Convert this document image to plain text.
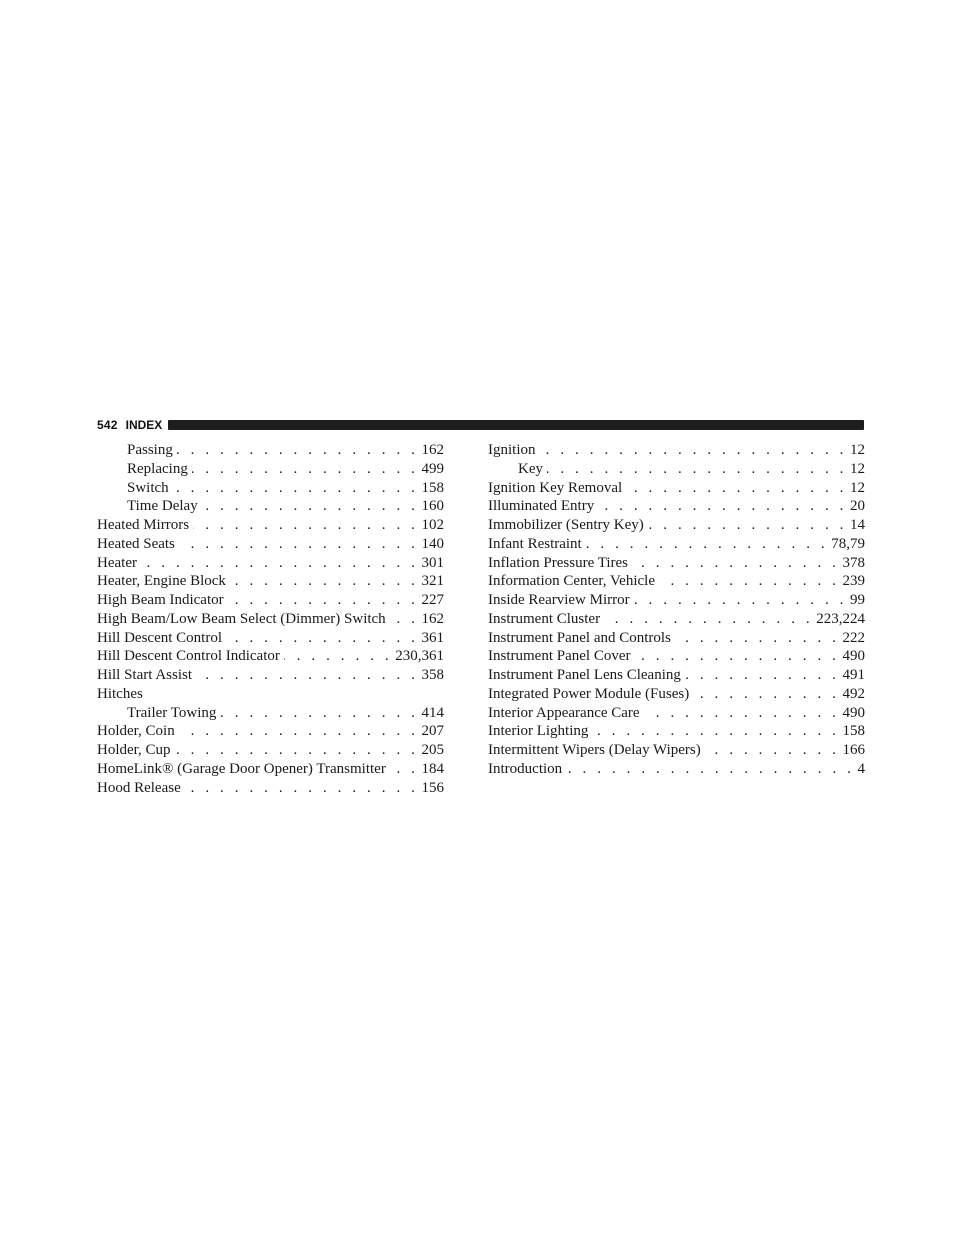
542 INDEX
Passing . . .	162
Replacing . . .	499
Switch . . .	158
Time Delay . . .	160
Heated Mirrors . . .	102
Heated Seats . . .	140
Heater . . .	301
Heater, Engine Block . . .	321
High Beam Indicator . . .	227
High Beam/Low Beam Select (Dimmer) Switch . . . 162
Hill Descent Control . . .	361
Hill Descent Control Indicator . . .	230,361
Hill Start Assist . . .	358
Hitches
Trailer Towing . . .	414
Holder, Coin . . .	207
Holder, Cup . . .	205
HomeLink® (Garage Door Opener) Transmitter . . . 184
Hood Release . . .	156
Ignition . . .	12
Key . . .	12
Ignition Key Removal . . .	12
Illuminated Entry . . .	20
Immobilizer (Sentry Key) . . .	14
Infant Restraint . . .	78,79
Inflation Pressure Tires . . .	378
Information Center, Vehicle . . .	239
Inside Rearview Mirror . . .	99
Instrument Cluster . . .	223,224
Instrument Panel and Controls . . .	222
Instrument Panel Cover . . .	490
Instrument Panel Lens Cleaning . . .	491
Integrated Power Module (Fuses) . . .	492
Interior Appearance Care . . .	490
Interior Lighting . . .	158
Intermittent Wipers (Delay Wipers) . . .	166
Introduction . . .	4
